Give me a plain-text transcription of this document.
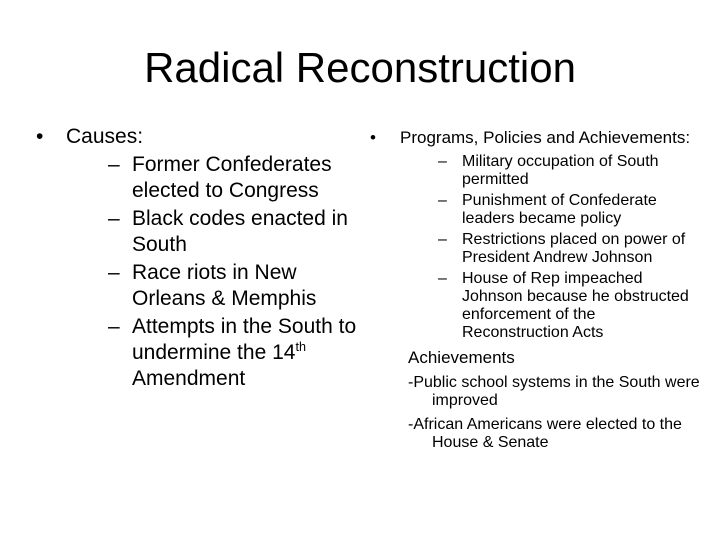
Radical Reconstruction
• Causes:
– Former Confederates elected to Congress
– Black codes enacted in South
– Race riots in New Orleans & Memphis
– Attempts in the South to undermine the 14th Amendment
• Programs, Policies and Achievements:
– Military occupation of South permitted
– Punishment of Confederate leaders became policy
– Restrictions placed on power of President Andrew Johnson
– House of Rep impeached Johnson because he obstructed enforcement of the Reconstruction Acts
Achievements
-Public school systems in the South were improved
-African Americans were elected to the House & Senate
